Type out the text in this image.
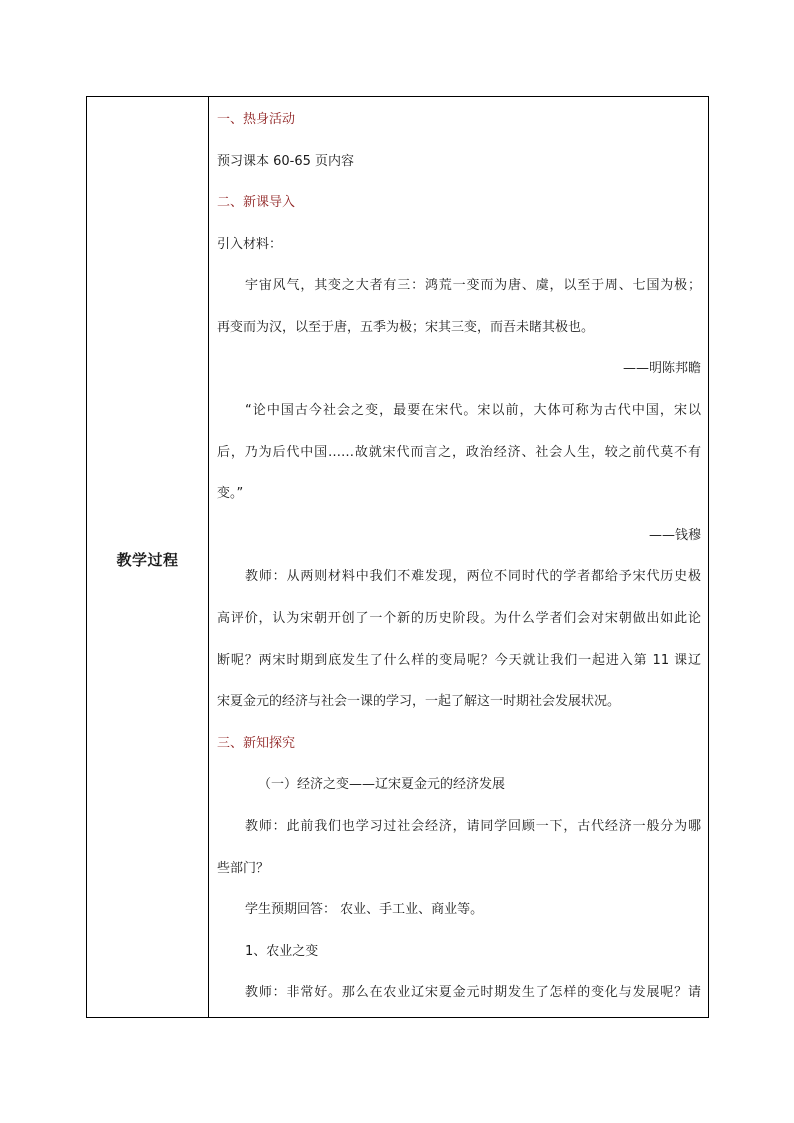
教学过程
一、热身活动
预习课本 60-65 页内容
二、新课导入
引入材料：
宇宙风气，其变之大者有三：鸿荒一变而为唐、虞，以至于周、七国为极；
再变而为汉，以至于唐，五季为极；宋其三变，而吾未睹其极也。
——明陈邦瞻
“论中国古今社会之变，最要在宋代。宋以前，大体可称为古代中国，宋以
后，乃为后代中国……故就宋代而言之，政治经济、社会人生，较之前代莫不有
变。”
——钱穆
教师：从两则材料中我们不难发现，两位不同时代的学者都给予宋代历史极
高评价，认为宋朝开创了一个新的历史阶段。为什么学者们会对宋朝做出如此论
断呢？两宋时期到底发生了什么样的变局呢？今天就让我们一起进入第 11 课辽
宋夏金元的经济与社会一课的学习，一起了解这一时期社会发展状况。
三、新知探究
（一）经济之变——辽宋夏金元的经济发展
教师：此前我们也学习过社会经济，请同学回顾一下，古代经济一般分为哪
些部门？
学生预期回答： 农业、手工业、商业等。
1、农业之变
教师：非常好。那么在农业辽宋夏金元时期发生了怎样的变化与发展呢？请
